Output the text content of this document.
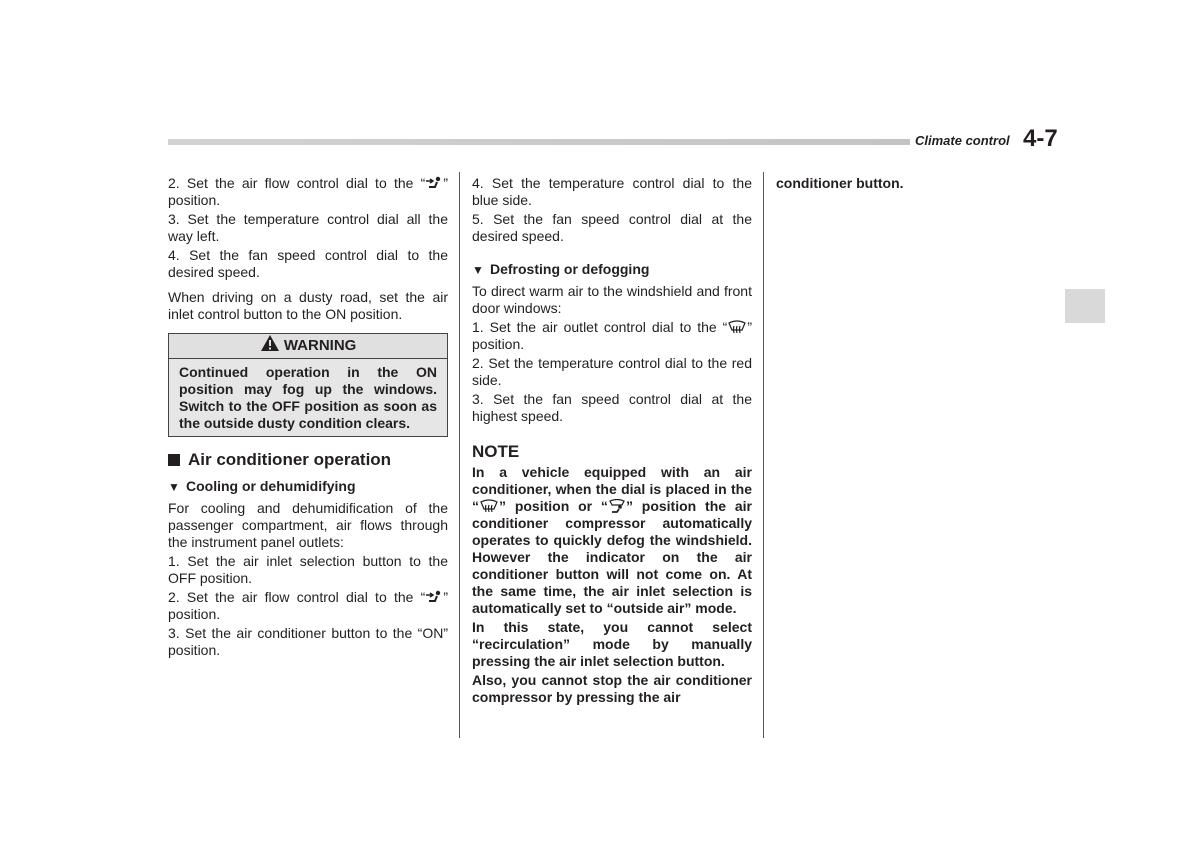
Climate control 4-7

2. Set the air flow control dial to the “ ” position.

3. Set the temperature control dial all the way left.

4. Set the fan speed control dial to the desired speed.

When driving on a dusty road, set the air inlet control button to the ON position.

WARNING
Continued operation in the ON position may fog up the windows. Switch to the OFF position as soon as the outside dusty condition clears.
Air conditioner operation
▼ Cooling or dehumidifying

For cooling and dehumidification of the passenger compartment, air flows through the instrument panel outlets:

1. Set the air inlet selection button to the OFF position.

2. Set the air flow control dial to the “ ” position.

3. Set the air conditioner button to the “ON” position.

4. Set the temperature control dial to the blue side.

5. Set the fan speed control dial at the desired speed.

▼ Defrosting or defogging

To direct warm air to the windshield and front door windows:

1. Set the air outlet control dial to the “ ” position.

2. Set the temperature control dial to the red side.

3. Set the fan speed control dial at the highest speed.

NOTE

In a vehicle equipped with an air conditioner, when the dial is placed in the “ ” position or “ ” position the air conditioner compressor automatically operates to quickly defog the windshield. However the indicator on the air conditioner button will not come on. At the same time, the air inlet selection is automatically set to “outside air” mode.

In this state, you cannot select “recirculation” mode by manually pressing the air inlet selection button.

Also, you cannot stop the air conditioner compressor by pressing the air

conditioner button.
